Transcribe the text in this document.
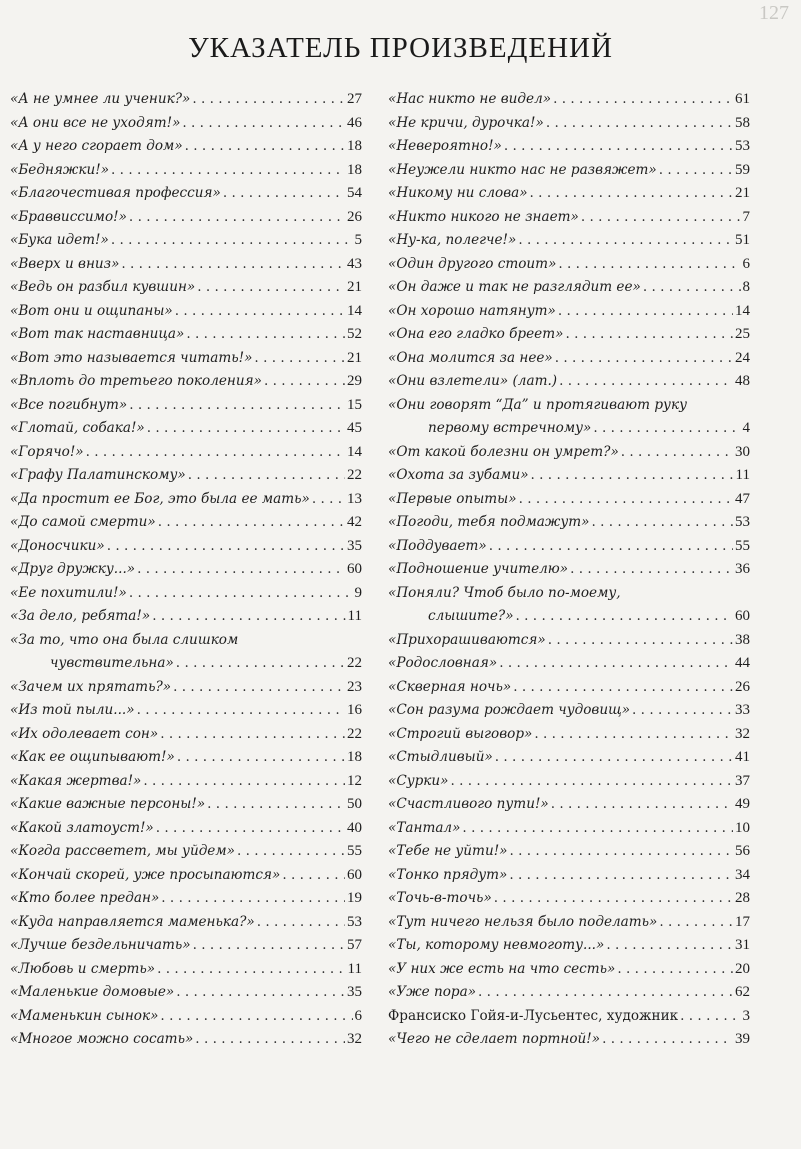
127
УКАЗАТЕЛЬ ПРОИЗВЕДЕНИЙ
«А не умнее ли ученик?» . . .	27
«А они все не уходят!» . . .	46
«А у него сгорает дом» . . .	18
«Бедняжки!» . . .	18
«Благочестивая профессия» . . .	54
«Браввиссимо!» . . .	26
«Бука идет!» . . .	5
«Вверх и вниз» . . .	43
«Ведь он разбил кувшин» . . .	21
«Вот они и ощипаны» . . .	14
«Вот так наставница» . . .	52
«Вот это называется читать!» . . .	21
«Вплоть до третьего поколения» . . .	29
«Все погибнут» . . .	15
«Глотай, собака!» . . .	45
«Горячо!» . . .	14
«Графу Палатинскому» . . .	22
«Да простит ее Бог, это была ее мать» . . . 13
«До самой смерти» . . .	42
«Доносчики» . . .	35
«Друг дружку...» . . .	60
«Ее похитили!» . . .	9
«За дело, ребята!» . . .	11
«За то, что она была слишком
чувствительна» . . .	22
«Зачем их прятать?» . . .	23
«Из той пыли...» . . .	16
«Их одолевает сон» . . .	22
«Как ее ощипывают!» . . .	18
«Какая жертва!» . . .	12
«Какие важные персоны!» . . .	50
«Какой златоуст!» . . .	40
«Когда рассветет, мы уйдем» . . .	55
«Кончай скорей, уже просыпаются» . . .	60
«Кто более предан» . . .	19
«Куда направляется маменька?» . . .	53
«Лучше бездельничать» . . .	57
«Любовь и смерть» . . .	11
«Маленькие домовые» . . .	35
«Маменькин сынок» . . .	6
«Многое можно сосать» . . .	32
«Нас никто не видел» . . .	61
«Не кричи, дурочка!» . . .	58
«Невероятно!» . . .	53
«Неужели никто нас не развяжет» . . .	59
«Никому ни слова» . . .	21
«Никто никого не знает» . . .	7
«Ну-ка, полегче!» . . .	51
«Один другого стоит» . . .	6
«Он даже и так не разглядит ее» . . .	8
«Он хорошо натянут» . . .	14
«Она его гладко бреет» . . .	25
«Она молится за нее» . . .	24
«Они взлетели» (лат.) . . .	48
«Они говорят “Да” и протягивают руку
первому встречному» . . .	4
«От какой болезни он умрет?» . . .	30
«Охота за зубами» . . .	11
«Первые опыты» . . .	47
«Погоди, тебя подмажут» . . .	53
«Поддувает» . . .	55
«Подношение учителю» . . .	36
«Поняли? Чтоб было по-моему,
слышите?» . . .	60
«Прихорашиваются» . . .	38
«Родословная» . . .	44
«Скверная ночь» . . .	26
«Сон разума рождает чудовищ» . . .	33
«Строгий выговор» . . .	32
«Стыдливый» . . .	41
«Сурки» . . .	37
«Счастливого пути!» . . .	49
«Тантал» . . .	10
«Тебе не уйти!» . . .	56
«Тонко прядут» . . .	34
«Точь-в-точь» . . .	28
«Тут ничего нельзя было поделать» . . .	17
«Ты, которому невмоготу...» . . .	31
«У них же есть на что сесть» . . .	20
«Уже пора» . . .	62
Франсиско Гойя-и-Лусьентес, художник . . .	3
«Чего не сделает портной!» . . .	39
